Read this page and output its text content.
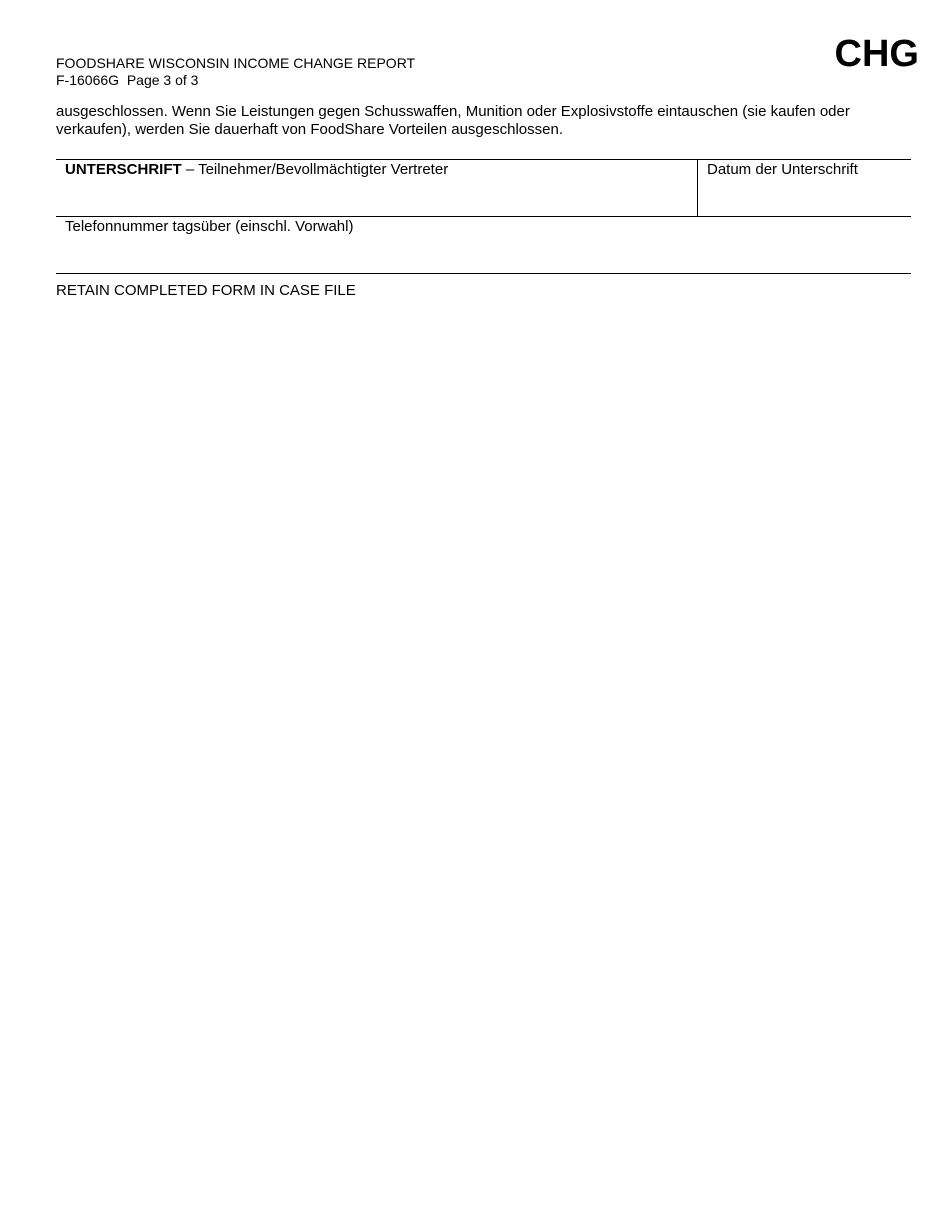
FOODSHARE WISCONSIN INCOME CHANGE REPORT
F-16066G  Page 3 of 3
CHG
ausgeschlossen. Wenn Sie Leistungen gegen Schusswaffen, Munition oder Explosivstoffe eintauschen (sie kaufen oder verkaufen), werden Sie dauerhaft von FoodShare Vorteilen ausgeschlossen.
UNTERSCHRIFT – Teilnehmer/Bevollmächtigter Vertreter	Datum der Unterschrift
Telefonnummer tagsüber (einschl. Vorwahl)
RETAIN COMPLETED FORM IN CASE FILE
